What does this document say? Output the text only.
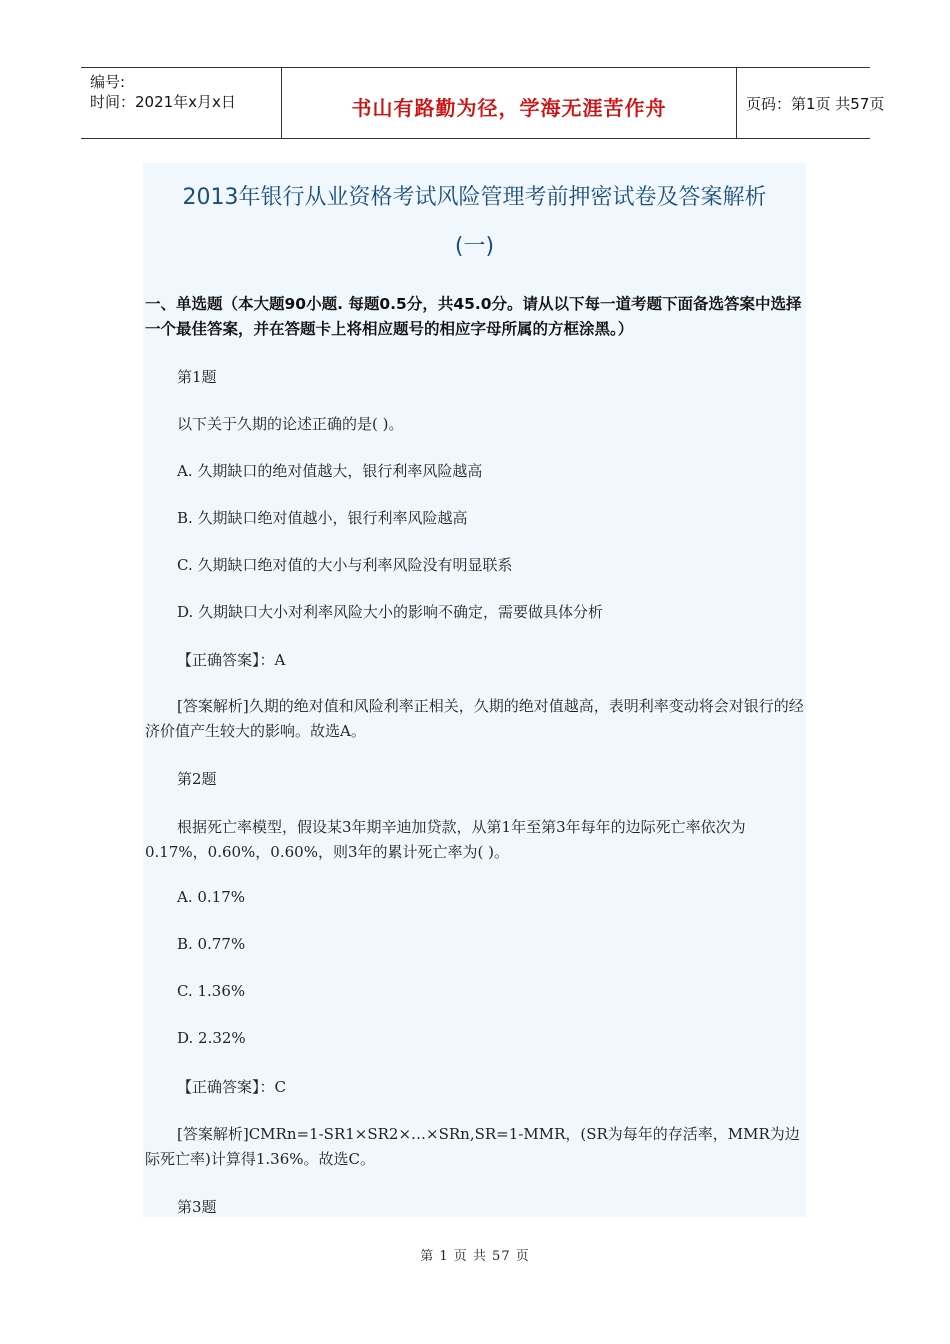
编号:
时间：2021年x月x日	书山有路勤为径，学海无涯苦作舟	页码：第1页 共57页
2013年银行从业资格考试风险管理考前押密试卷及答案解析
(一)
一、单选题（本大题90小题. 每题0.5分，共45.0分。请从以下每一道考题下面备选答案中选择一个最佳答案，并在答题卡上将相应题号的相应字母所属的方框涂黑。）
第1题
以下关于久期的论述正确的是( )。
A. 久期缺口的绝对值越大，银行利率风险越高
B. 久期缺口绝对值越小，银行利率风险越高
C. 久期缺口绝对值的大小与利率风险没有明显联系
D. 久期缺口大小对利率风险大小的影响不确定，需要做具体分析
【正确答案】：A
[答案解析]久期的绝对值和风险利率正相关，久期的绝对值越高，表明利率变动将会对银行的经济价值产生较大的影响。故选A。
第2题
根据死亡率模型，假设某3年期辛迪加贷款，从第1年至第3年每年的边际死亡率依次为0.17%，0.60%，0.60%，则3年的累计死亡率为( )。
A. 0.17%
B. 0.77%
C. 1.36%
D. 2.32%
【正确答案】：C
[答案解析]CMRn=1-SR1×SR2×…×SRn,SR=1-MMR，(SR为每年的存活率，MMR为边际死亡率)计算得1.36%。故选C。
第3题
第 1 页 共 57 页
